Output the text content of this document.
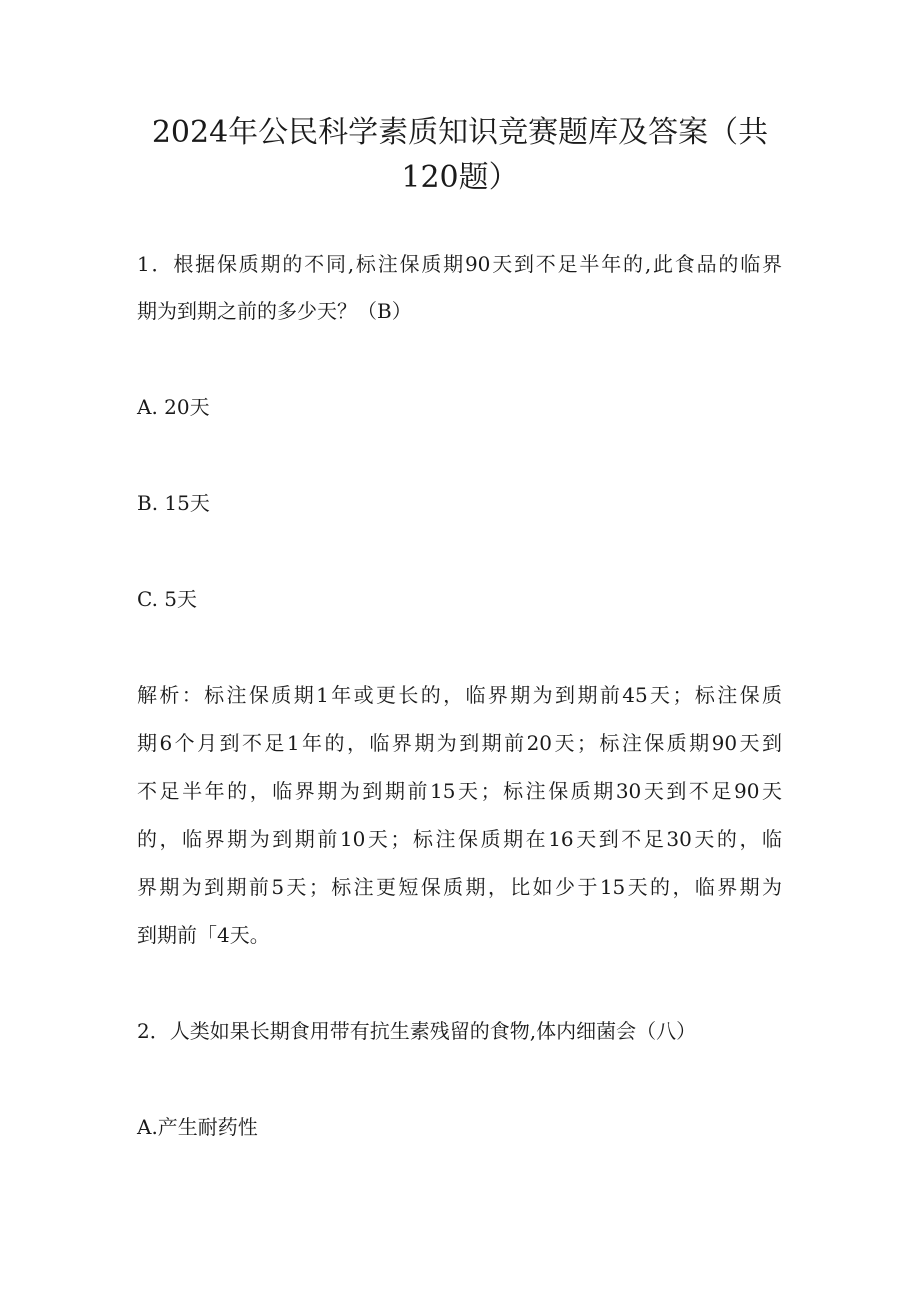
2024年公民科学素质知识竞赛题库及答案（共
120题）

1．根据保质期的不同,标注保质期90天到不足半年的,此食品的临界

期为到期之前的多少天？（B）

A. 20天

B. 15天

C. 5天

解析：标注保质期1年或更长的，临界期为到期前45天；标注保质

期6个月到不足1年的，临界期为到期前20天；标注保质期90天到

不足半年的，临界期为到期前15天；标注保质期30天到不足90天

的，临界期为到期前10天；标注保质期在16天到不足30天的，临

界期为到期前5天；标注更短保质期，比如少于15天的，临界期为

到期前「4天。

2．人类如果长期食用带有抗生素残留的食物,体内细菌会（八）

A.产生耐药性
